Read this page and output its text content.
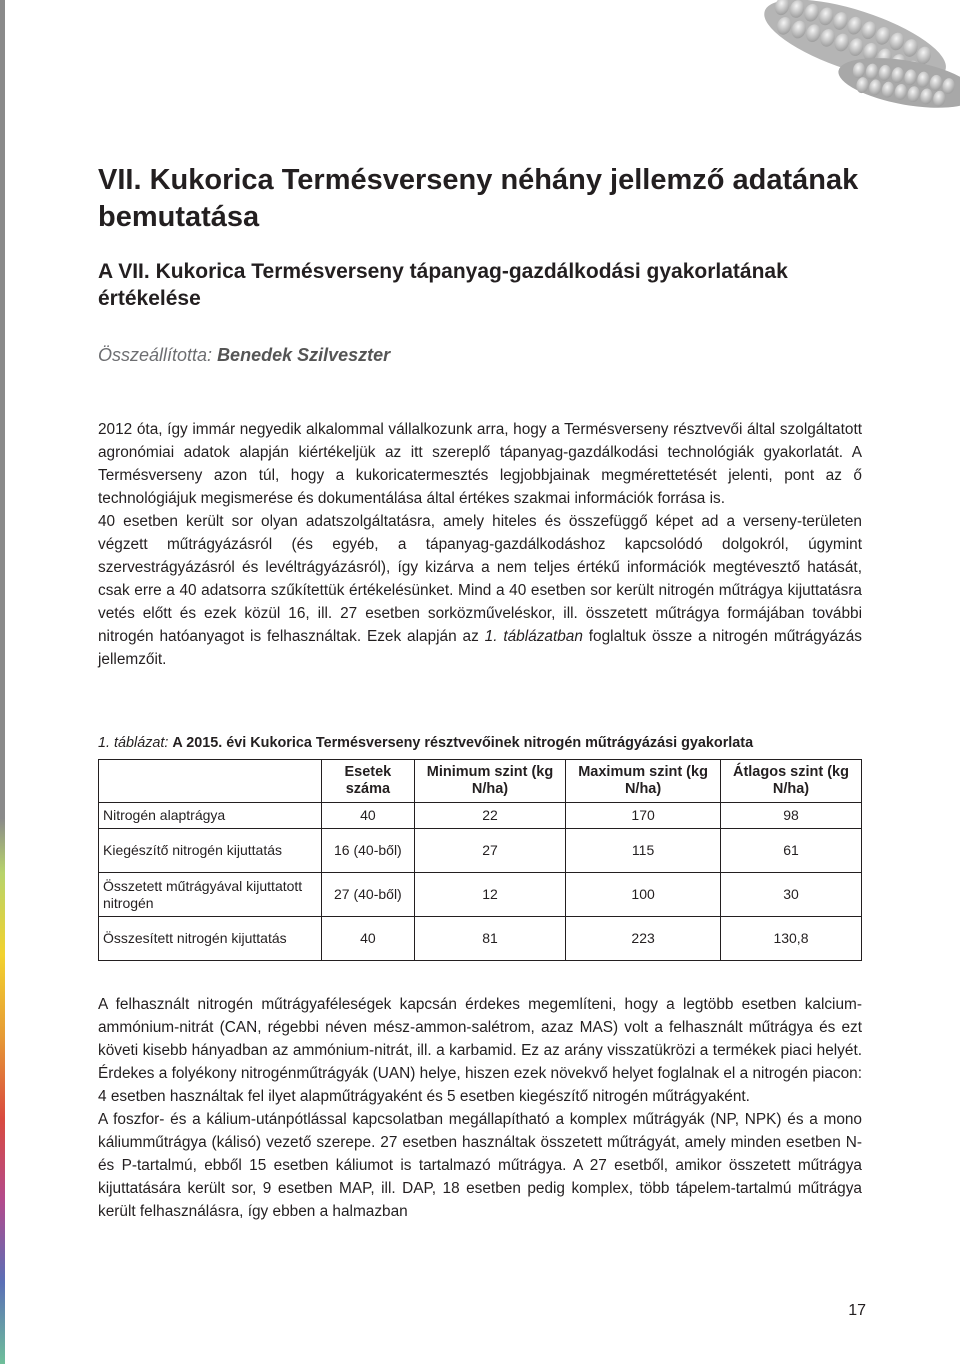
VII. Kukorica Termésverseny néhány jellemző adatának bemutatása
A VII. Kukorica Termésverseny tápanyag-gazdálkodási gyakorlatának értékelése
Összeállította: Benedek Szilveszter
2012 óta, így immár negyedik alkalommal vállalkozunk arra, hogy a Termésverseny résztvevői által szolgáltatott agronómiai adatok alapján kiértékeljük az itt szereplő tápanyag-gazdálkodási technológiák gyakorlatát. A Termésverseny azon túl, hogy a kukoricatermesztés legjobbjainak megmérettetését jelenti, pont az ő technológiájuk megismerése és dokumentálása által értékes szakmai információk forrása is.
40 esetben került sor olyan adatszolgáltatásra, amely hiteles és összefüggő képet ad a verseny-területen végzett műtrágyázásról (és egyéb, a tápanyag-gazdálkodáshoz kapcsolódó dolgokról, úgymint szervestrágyázásról és levéltrágyázásról), így kizárva a nem teljes értékű információk megtévesztő hatását, csak erre a 40 adatsorra szűkítettük értékelésünket. Mind a 40 esetben sor került nitrogén műtrágya kijuttatásra vetés előtt és ezek közül 16, ill. 27 esetben sorközműveléskor, ill. összetett műtrágya formájában további nitrogén hatóanyagot is felhasználtak. Ezek alapján az 1. táblázatban foglaltuk össze a nitrogén műtrágyázás jellemzőit.
1. táblázat: A 2015. évi Kukorica Termésverseny résztvevőinek nitrogén műtrágyázási gyakorlata
	Esetek száma	Minimum szint (kg N/ha)	Maximum szint (kg N/ha)	Átlagos szint (kg N/ha)
Nitrogén alaptrágya	40	22	170	98
Kiegészítő nitrogén kijuttatás	16 (40-ből)	27	115	61
Összetett műtrágyával kijuttatott nitrogén	27 (40-ből)	12	100	30
Összesített nitrogén kijuttatás	40	81	223	130,8
A felhasznált nitrogén műtrágyaféleségek kapcsán érdekes megemlíteni, hogy a legtöbb esetben kalcium-ammónium-nitrát (CAN, régebbi néven mész-ammon-salétrom, azaz MAS) volt a felhasznált műtrágya és ezt követi kisebb hányadban az ammónium-nitrát, ill. a karbamid. Ez az arány visszatükrözi a termékek piaci helyét. Érdekes a folyékony nitrogénműtrágyák (UAN) helye, hiszen ezek növekvő helyet foglalnak el a nitrogén piacon: 4 esetben használtak fel ilyet alapműtrágyaként és 5 esetben kiegészítő nitrogén műtrágyaként.
A foszfor- és a kálium-utánpótlással kapcsolatban megállapítható a komplex műtrágyák (NP, NPK) és a mono káliumműtrágya (kálisó) vezető szerepe. 27 esetben használtak összetett műtrágyát, amely minden esetben N- és P-tartalmú, ebből 15 esetben káliumot is tartalmazó műtrágya. A 27 esetből, amikor összetett műtrágya kijuttatására került sor, 9 esetben MAP, ill. DAP, 18 esetben pedig komplex, több tápelem-tartalmú műtrágya került felhasználásra, így ebben a halmazban
17
